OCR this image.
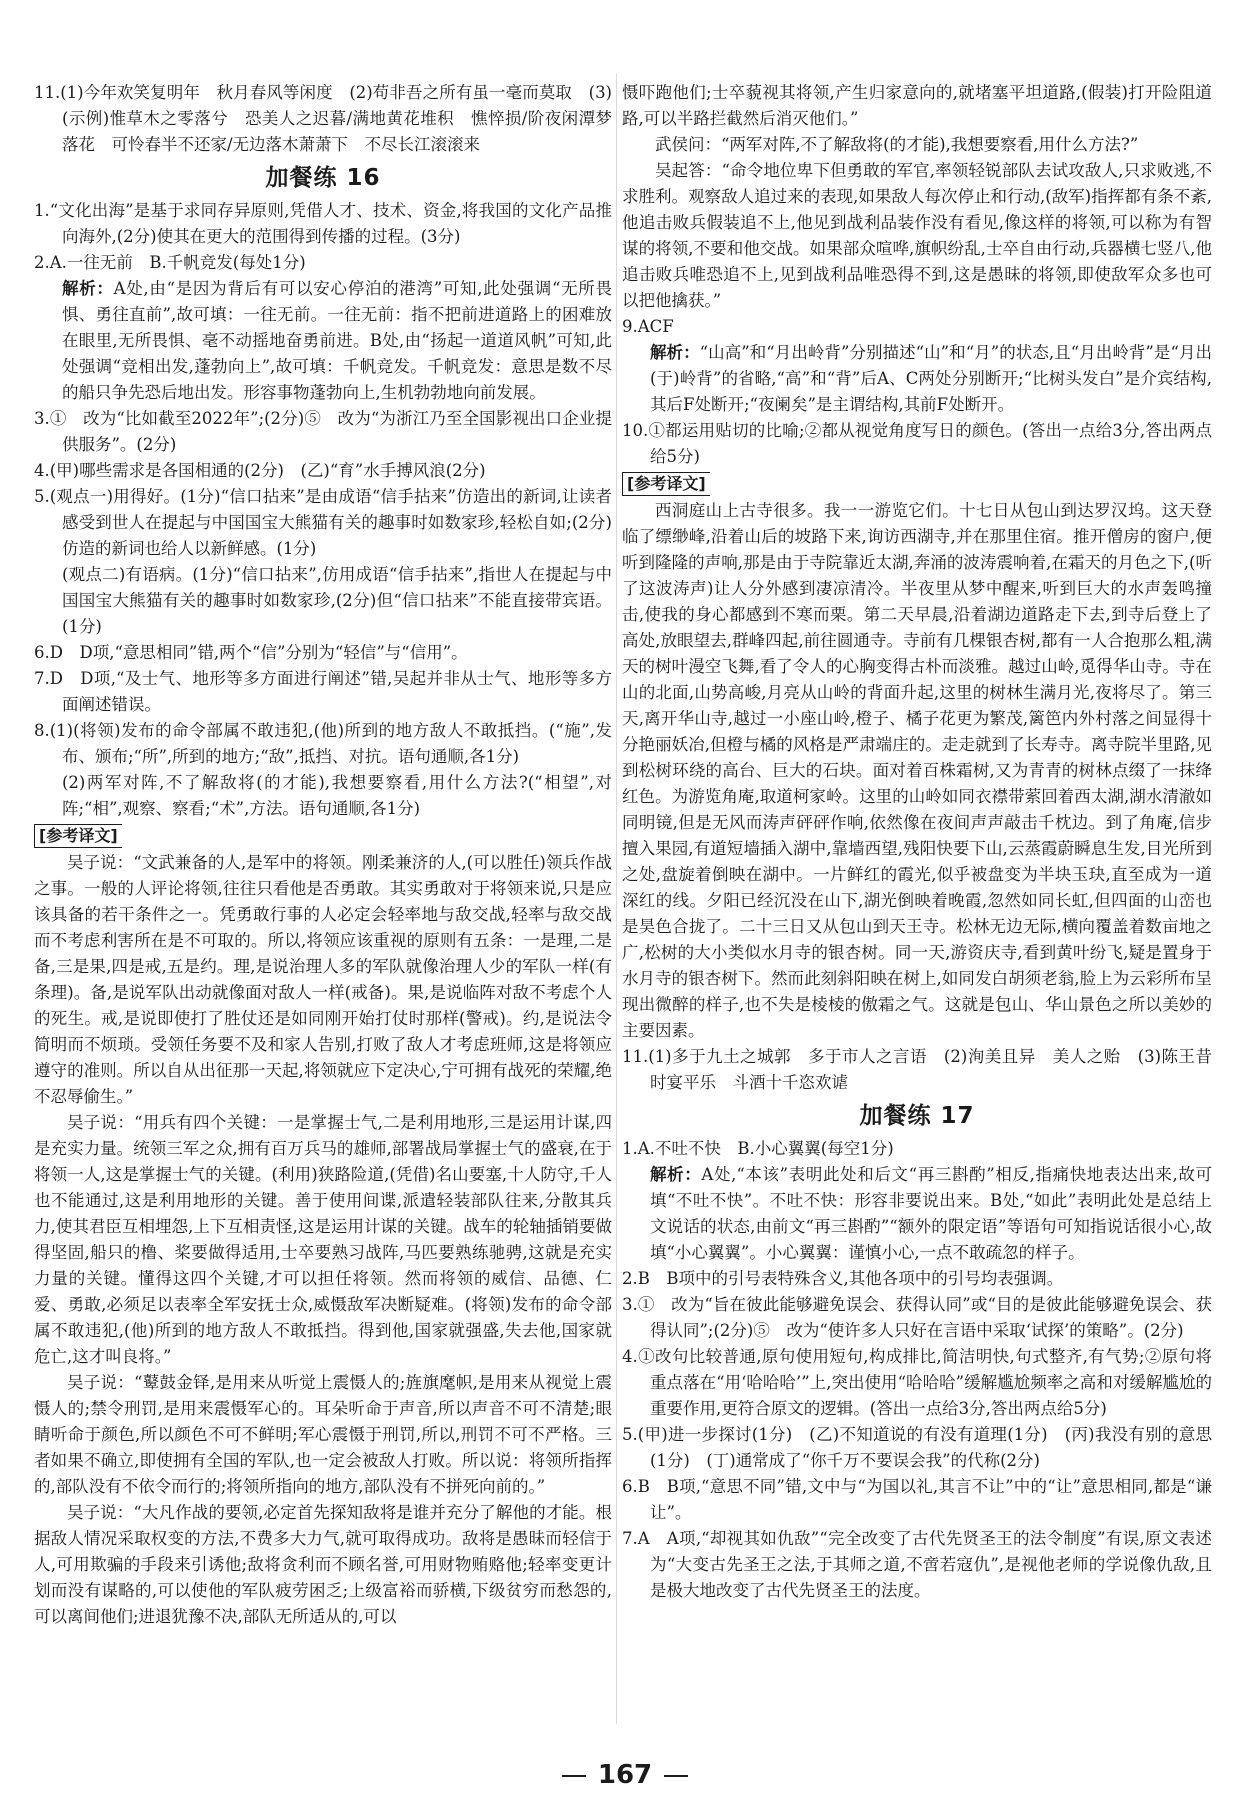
11.(1)今年欢笑复明年　秋月春风等闲度　(2)苟非吾之所有虽一毫而莫取　(3)(示例)惟草木之零落兮　恐美人之迟暮/满地黄花堆积　憔悴损/阶夜闲潭梦落花　可怜春半不还家/无边落木萧萧下　不尽长江滚滚来

加餐练 16

1.“文化出海”是基于求同存异原则,凭借人才、技术、资金,将我国的文化产品推向海外,(2分)使其在更大的范围得到传播的过程。(3分)

2.A.一往无前　B.千帆竞发(每处1分)

解析：A处,由“是因为背后有可以安心停泊的港湾”可知,此处强调“无所畏惧、勇往直前”,故可填：一往无前。一往无前：指不把前进道路上的困难放在眼里,无所畏惧、毫不动摇地奋勇前进。B处,由“扬起一道道风帆”可知,此处强调“竞相出发,蓬勃向上”,故可填：千帆竞发。千帆竞发：意思是数不尽的船只争先恐后地出发。形容事物蓬勃向上,生机勃勃地向前发展。

3.①　改为“比如截至2022年”;(2分)⑤　改为“为浙江乃至全国影视出口企业提供服务”。(2分)

4.(甲)哪些需求是各国相通的(2分)　(乙)“育”水手搏风浪(2分)

5.(观点一)用得好。(1分)“信口拈来”是由成语“信手拈来”仿造出的新词,让读者感受到世人在提起与中国国宝大熊猫有关的趣事时如数家珍,轻松自如;(2分)仿造的新词也给人以新鲜感。(1分)

(观点二)有语病。(1分)“信口拈来”,仿用成语“信手拈来”,指世人在提起与中国国宝大熊猫有关的趣事时如数家珍,(2分)但“信口拈来”不能直接带宾语。(1分)

6.D　D项,“意思相同”错,两个“信”分别为“轻信”与“信用”。

7.D　D项,“及士气、地形等多方面进行阐述”错,吴起并非从士气、地形等多方面阐述错误。

8.(1)(将领)发布的命令部属不敢违犯,(他)所到的地方敌人不敢抵挡。(“施”,发布、颁布;“所”,所到的地方;“敌”,抵挡、对抗。语句通顺,各1分)

(2)两军对阵,不了解敌将(的才能),我想要察看,用什么方法?(“相望”,对阵;“相”,观察、察看;“术”,方法。语句通顺,各1分)

[参考译文]

吴子说：“文武兼备的人,是军中的将领。刚柔兼济的人,(可以胜任)领兵作战之事。一般的人评论将领,往往只看他是否勇敢。其实勇敢对于将领来说,只是应该具备的若干条件之一。凭勇敢行事的人必定会轻率地与敌交战,轻率与敌交战而不考虑利害所在是不可取的。所以,将领应该重视的原则有五条：一是理,二是备,三是果,四是戒,五是约。理,是说治理人多的军队就像治理人少的军队一样(有条理)。备,是说军队出动就像面对敌人一样(戒备)。果,是说临阵对敌不考虑个人的死生。戒,是说即使打了胜仗还是如同刚开始打仗时那样(警戒)。约,是说法令简明而不烦琐。受领任务要不及和家人告别,打败了敌人才考虑班师,这是将领应遵守的准则。所以自从出征那一天起,将领就应下定决心,宁可拥有战死的荣耀,绝不忍辱偷生。”

吴子说：“用兵有四个关键：一是掌握士气,二是利用地形,三是运用计谋,四是充实力量。统领三军之众,拥有百万兵马的雄师,部署战局掌握士气的盛衰,在于将领一人,这是掌握士气的关键。(利用)狭路险道,(凭借)名山要塞,十人防守,千人也不能通过,这是利用地形的关键。善于使用间谍,派遣轻装部队往来,分散其兵力,使其君臣互相埋怨,上下互相责怪,这是运用计谋的关键。战车的轮轴插销要做得坚固,船只的橹、桨要做得适用,士卒要熟习战阵,马匹要熟练驰骋,这就是充实力量的关键。懂得这四个关键,才可以担任将领。然而将领的威信、品德、仁爱、勇敢,必须足以表率全军安抚士众,威慑敌军决断疑难。(将领)发布的命令部属不敢违犯,(他)所到的地方敌人不敢抵挡。得到他,国家就强盛,失去他,国家就危亡,这才叫良将。”

吴子说：“鼙鼓金铎,是用来从听觉上震慑人的;旌旗麾帜,是用来从视觉上震慑人的;禁令刑罚,是用来震慑军心的。耳朵听命于声音,所以声音不可不清楚;眼睛听命于颜色,所以颜色不可不鲜明;军心震慑于刑罚,所以,刑罚不可不严格。三者如果不确立,即使拥有全国的军队,也一定会被敌人打败。所以说：将领所指挥的,部队没有不依令而行的;将领所指向的地方,部队没有不拼死向前的。”

吴子说：“大凡作战的要领,必定首先探知敌将是谁并充分了解他的才能。根据敌人情况采取权变的方法,不费多大力气,就可取得成功。敌将是愚昧而轻信于人,可用欺骗的手段来引诱他;敌将贪利而不顾名誉,可用财物贿赂他;轻率变更计划而没有谋略的,可以使他的军队疲劳困乏;上级富裕而骄横,下级贫穷而愁怨的,可以离间他们;进退犹豫不决,部队无所适从的,可以

慑吓跑他们;士卒藐视其将领,产生归家意向的,就堵塞平坦道路,(假装)打开险阻道路,可以半路拦截然后消灭他们。”

武侯问：“两军对阵,不了解敌将(的才能),我想要察看,用什么方法?”

吴起答：“命令地位卑下但勇敢的军官,率领轻锐部队去试攻敌人,只求败逃,不求胜利。观察敌人追过来的表现,如果敌人每次停止和行动,(敌军)指挥都有条不紊,他追击败兵假装追不上,他见到战利品装作没有看见,像这样的将领,可以称为有智谋的将领,不要和他交战。如果部众喧哗,旗帜纷乱,士卒自由行动,兵器横七竖八,他追击败兵唯恐追不上,见到战利品唯恐得不到,这是愚昧的将领,即使敌军众多也可以把他擒获。”

9.ACF

解析：“山高”和“月出岭背”分别描述“山”和“月”的状态,且“月出岭背”是“月出(于)岭背”的省略,“高”和“背”后A、C两处分别断开;“比树头发白”是介宾结构,其后F处断开;“夜阑矣”是主谓结构,其前F处断开。

10.①都运用贴切的比喻;②都从视觉角度写日的颜色。(答出一点给3分,答出两点给5分)

[参考译文]

西洞庭山上古寺很多。我一一游览它们。十七日从包山到达罗汉坞。这天登临了缥缈峰,沿着山后的坡路下来,询访西湖寺,并在那里住宿。推开僧房的窗户,便听到隆隆的声响,那是由于寺院靠近太湖,奔涌的波涛震响着,在霜天的月色之下,(听了这波涛声)让人分外感到凄凉清冷。半夜里从梦中醒来,听到巨大的水声轰鸣撞击,使我的身心都感到不寒而栗。第二天早晨,沿着湖边道路走下去,到寺后登上了高处,放眼望去,群峰四起,前往圆通寺。寺前有几棵银杏树,都有一人合抱那么粗,满天的树叶漫空飞舞,看了令人的心胸变得古朴而淡雅。越过山岭,觅得华山寺。寺在山的北面,山势高峻,月亮从山岭的背面升起,这里的树林生满月光,夜将尽了。第三天,离开华山寺,越过一小座山岭,橙子、橘子花更为繁茂,篱笆内外村落之间显得十分艳丽妖冶,但橙与橘的风格是严肃端庄的。走走就到了长寿寺。离寺院半里路,见到松树环绕的高台、巨大的石块。面对着百株霜树,又为青青的树林点缀了一抹绛红色。为游览角庵,取道柯家岭。这里的山岭如同衣襟带萦回着西太湖,湖水清澈如同明镜,但是无风而涛声砰砰作响,依然像在夜间声声敲击千枕边。到了角庵,信步擅入果园,有道短墙插入湖中,靠墙西望,残阳快要下山,云蒸霞蔚瞬息生发,目光所到之处,盘旋着倒映在湖中。一片鲜红的霞光,似乎被盘变为半块玉玦,直至成为一道深红的线。夕阳已经沉没在山下,湖光倒映着晚霞,忽然如同长虹,但四面的山峦也是昊色合拢了。二十三日又从包山到天王寺。松林无边无际,横向覆盖着数亩地之广,松树的大小类似水月寺的银杏树。同一天,游资庆寺,看到黄叶纷飞,疑是置身于水月寺的银杏树下。然而此刻斜阳映在树上,如同发白胡须老翁,脸上为云彩所布呈现出微醉的样子,也不失是棱棱的傲霜之气。这就是包山、华山景色之所以美妙的主要因素。

11.(1)多于九土之城郭　多于市人之言语　(2)洵美且异　美人之贻　(3)陈王昔时宴平乐　斗酒十千恣欢谑

加餐练 17

1.A.不吐不快　B.小心翼翼(每空1分)

解析：A处,“本该”表明此处和后文“再三斟酌”相反,指痛快地表达出来,故可填“不吐不快”。不吐不快：形容非要说出来。B处,“如此”表明此处是总结上文说话的状态,由前文“再三斟酌”“额外的限定语”等语句可知指说话很小心,故填“小心翼翼”。小心翼翼：谨慎小心,一点不敢疏忽的样子。

2.B　B项中的引号表特殊含义,其他各项中的引号均表强调。

3.①　改为“旨在彼此能够避免误会、获得认同”或“目的是彼此能够避免误会、获得认同”;(2分)⑤　改为“使许多人只好在言语中采取‘试探’的策略”。(2分)

4.①改句比较普通,原句使用短句,构成排比,简洁明快,句式整齐,有气势;②原句将重点落在“用‘哈哈哈’”上,突出使用“哈哈哈”缓解尴尬频率之高和对缓解尴尬的重要作用,更符合原文的逻辑。(答出一点给3分,答出两点给5分)

5.(甲)进一步探讨(1分)　(乙)不知道说的有没有道理(1分)　(丙)我没有别的意思(1分)　(丁)通常成了“你千万不要误会我”的代称(2分)

6.B　B项,“意思不同”错,文中与“为国以礼,其言不让”中的“让”意思相同,都是“谦让”。

7.A　A项,“却视其如仇敌”“完全改变了古代先贤圣王的法令制度”有误,原文表述为“大变古先圣王之法,于其师之道,不啻若寇仇”,是视他老师的学说像仇敌,且是极大地改变了古代先贤圣王的法度。

167
